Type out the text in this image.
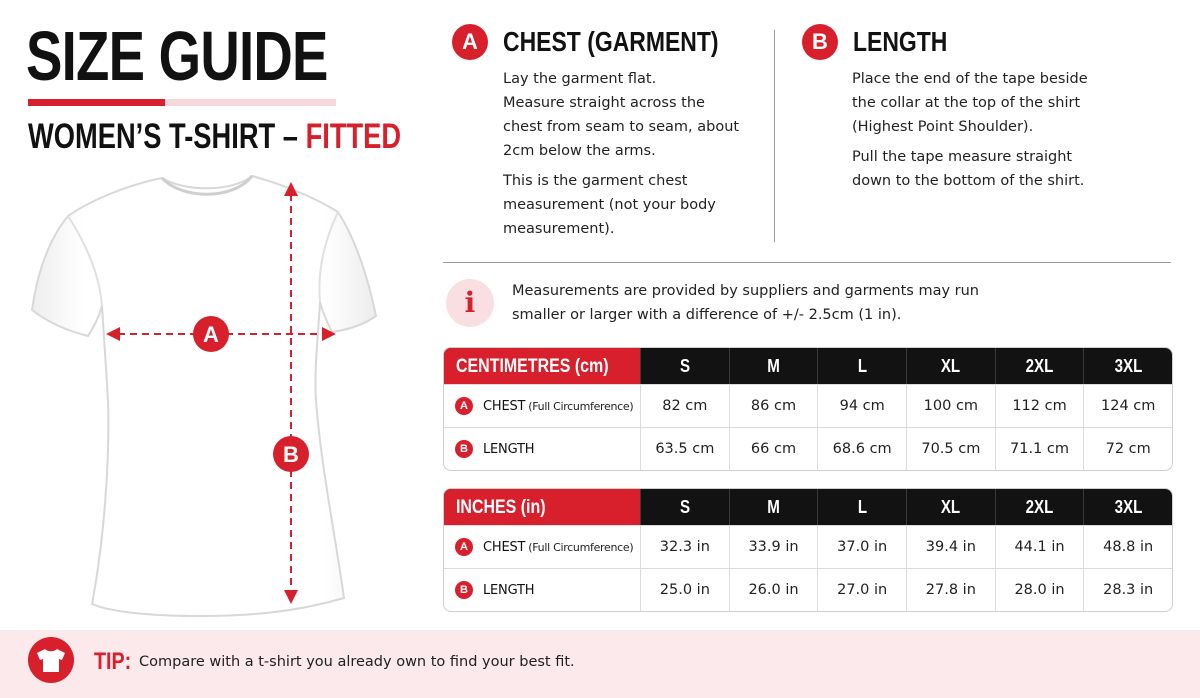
SIZE GUIDE
WOMEN’S T-SHIRT – FITTED
A
B
A CHEST (GARMENT)

Lay the garment flat.

Measure straight across the chest from seam to seam, about 2cm below the arms.

This is the garment chest measurement (not your body measurement).

B LENGTH

Place the end of the tape beside the collar at the top of the shirt (Highest Point Shoulder).

Pull the tape measure straight down to the bottom of the shirt.

i	Measurements are provided by suppliers and garments may run smaller or larger with a difference of +/- 2.5cm (1 in).
CENTIMETRES (cm)	S	M	L	XL	2XL	3XL
A	CHEST (Full Circumference)	82 cm	86 cm	94 cm	100 cm	112 cm	124 cm
B	LENGTH	63.5 cm	66 cm	68.6 cm	70.5 cm	71.1 cm	72 cm
INCHES (in)	S	M	L	XL	2XL	3XL
A	CHEST (Full Circumference)	32.3 in	33.9 in	37.0 in	39.4 in	44.1 in	48.8 in
B	LENGTH	25.0 in	26.0 in	27.0 in	27.8 in	28.0 in	28.3 in
TIP: Compare with a t-shirt you already own to find your best fit.
